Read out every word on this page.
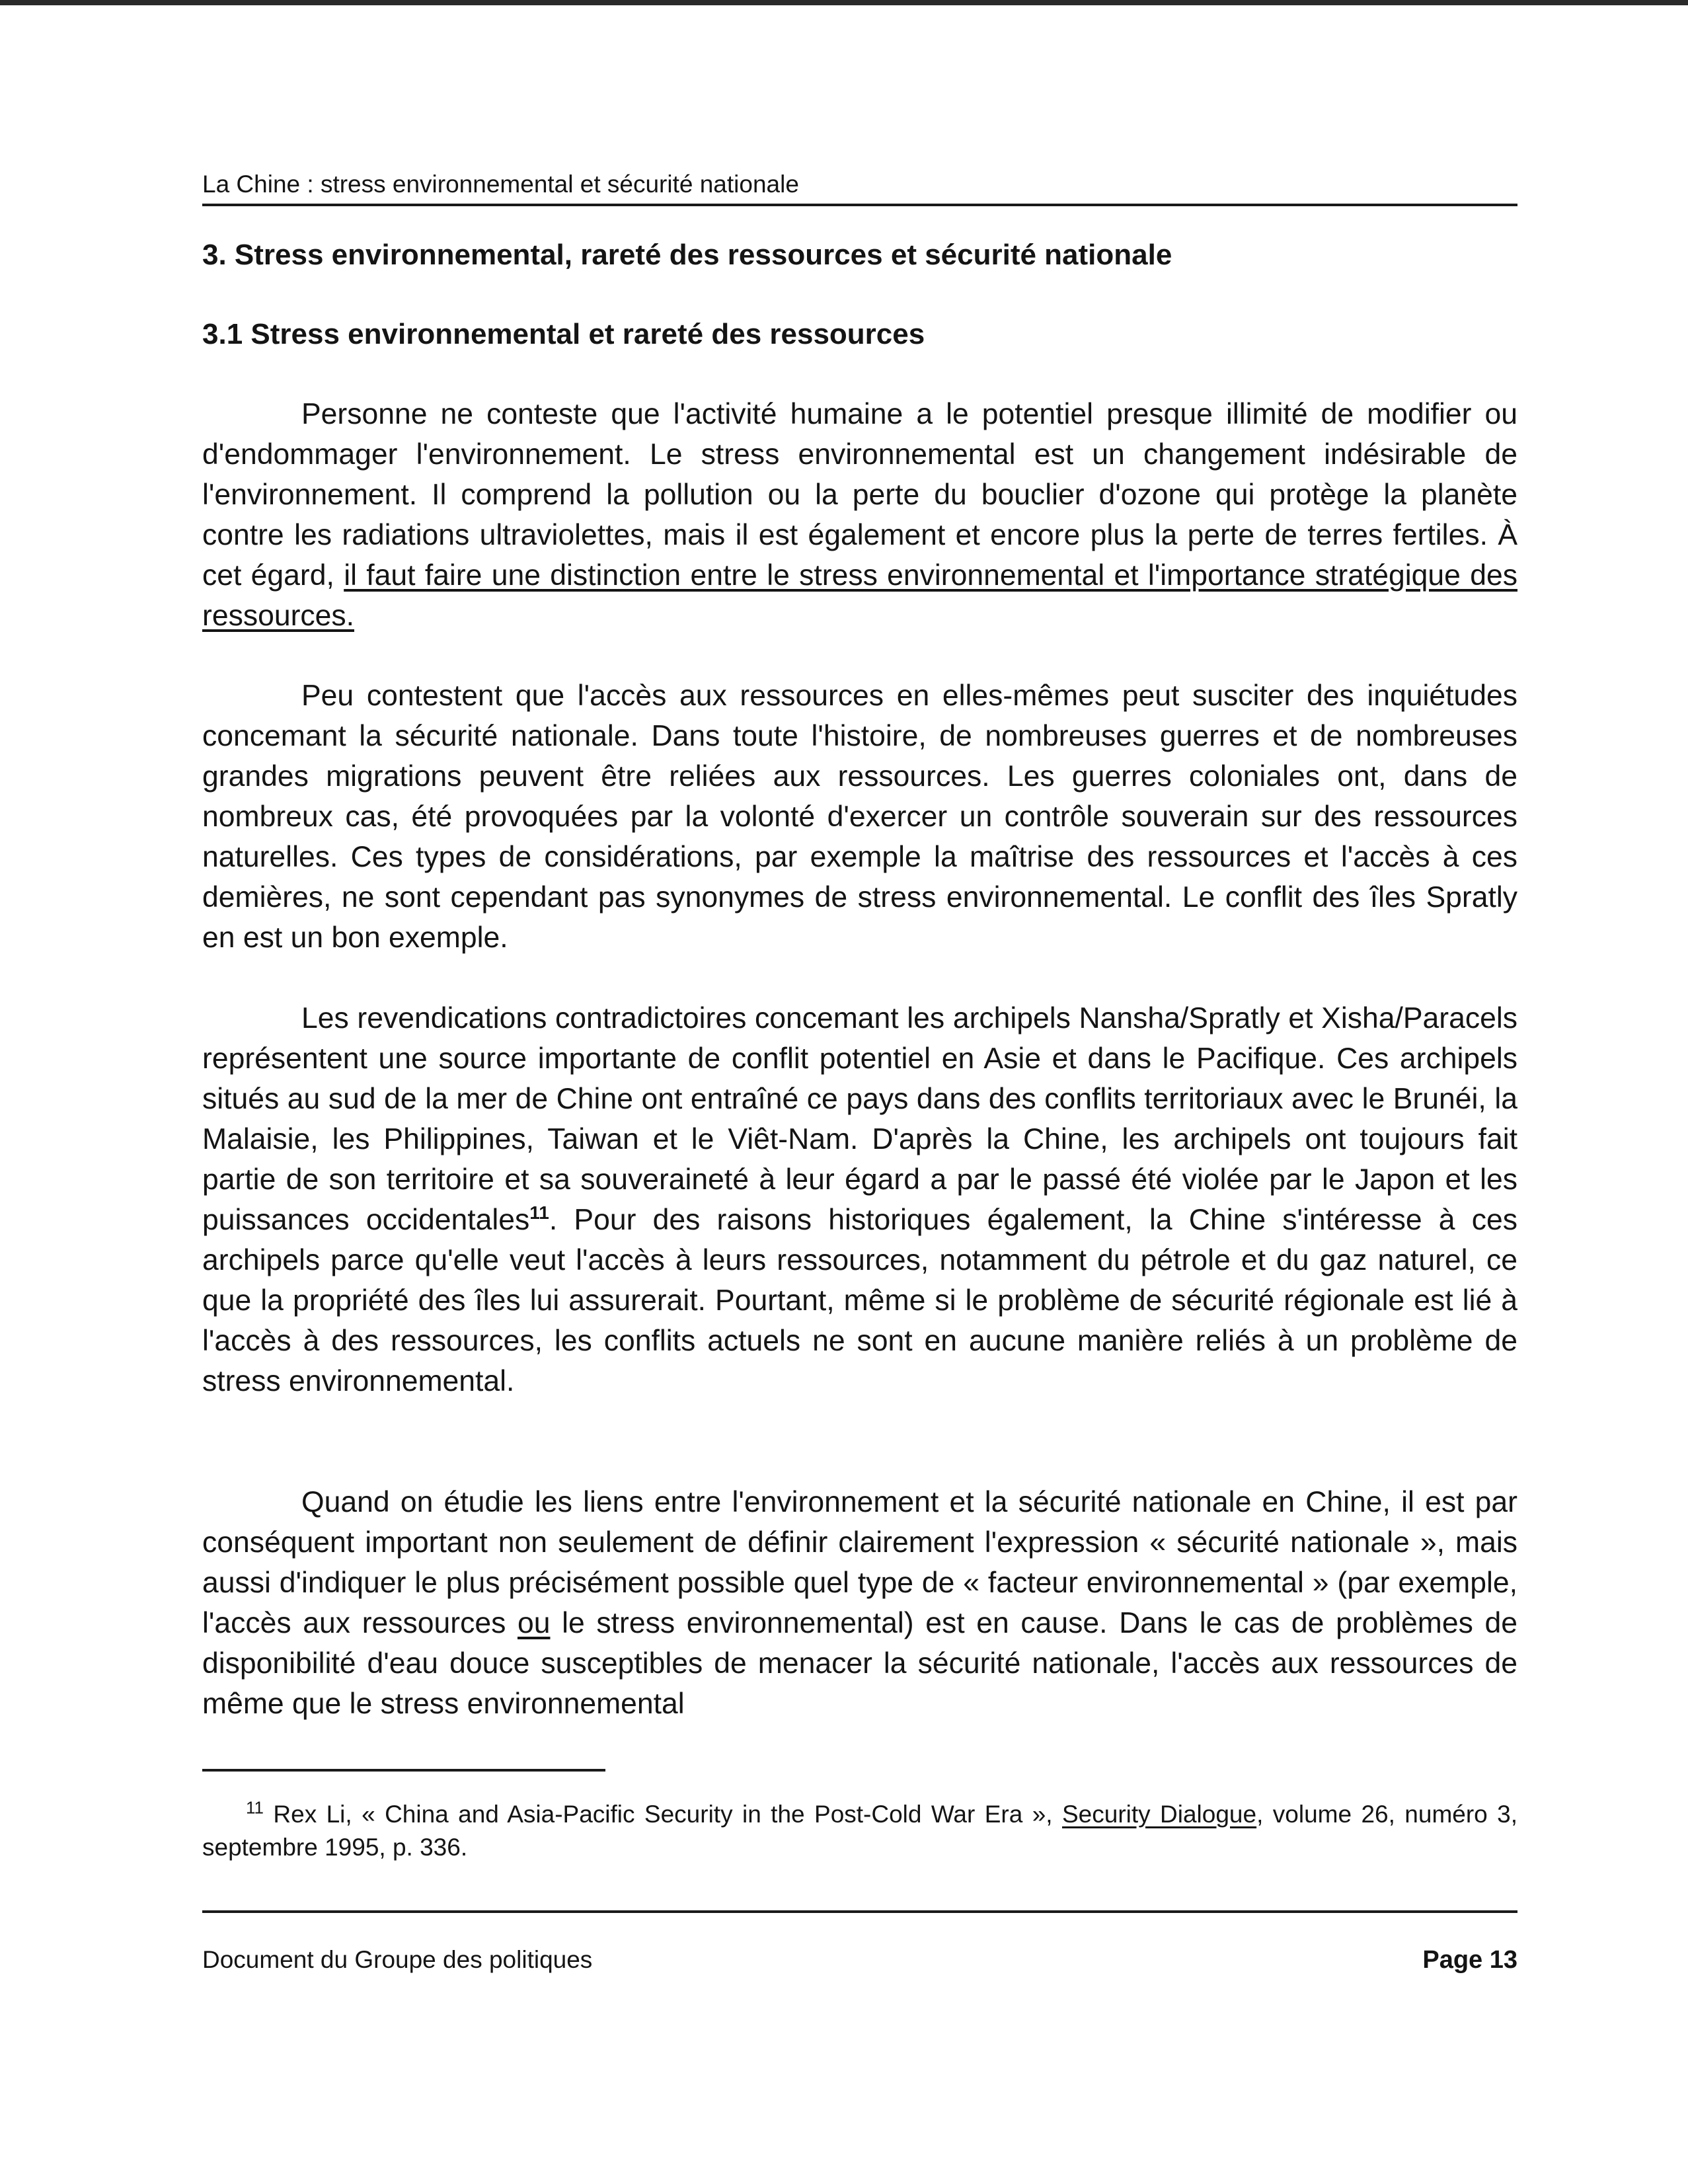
La Chine : stress environnemental et sécurité nationale
3. Stress environnemental, rareté des ressources et sécurité nationale
3.1 Stress environnemental et rareté des ressources

Personne ne conteste que l'activité humaine a le potentiel presque illimité de modifier ou d'endommager l'environnement. Le stress environnemental est un changement indésirable de l'environnement. Il comprend la pollution ou la perte du bouclier d'ozone qui protège la planète contre les radiations ultraviolettes, mais il est également et encore plus la perte de terres fertiles. À cet égard, il faut faire une distinction entre le stress environnemental et l'importance stratégique des ressources.

Peu contestent que l'accès aux ressources en elles-mêmes peut susciter des inquiétudes concemant la sécurité nationale. Dans toute l'histoire, de nombreuses guerres et de nombreuses grandes migrations peuvent être reliées aux ressources. Les guerres coloniales ont, dans de nombreux cas, été provoquées par la volonté d'exercer un contrôle souverain sur des ressources naturelles. Ces types de considérations, par exemple la maîtrise des ressources et l'accès à ces demières, ne sont cependant pas synonymes de stress environnemental. Le conflit des îles Spratly en est un bon exemple.

Les revendications contradictoires concemant les archipels Nansha/Spratly et Xisha/Paracels représentent une source importante de conflit potentiel en Asie et dans le Pacifique. Ces archipels situés au sud de la mer de Chine ont entraîné ce pays dans des conflits territoriaux avec le Brunéi, la Malaisie, les Philippines, Taiwan et le Viêt-Nam. D'après la Chine, les archipels ont toujours fait partie de son territoire et sa souveraineté à leur égard a par le passé été violée par le Japon et les puissances occidentales$^{11}$. Pour des raisons historiques également, la Chine s'intéresse à ces archipels parce qu'elle veut l'accès à leurs ressources, notamment du pétrole et du gaz naturel, ce que la propriété des îles lui assurerait. Pourtant, même si le problème de sécurité régionale est lié à l'accès à des ressources, les conflits actuels ne sont en aucune manière reliés à un problème de stress environnemental.

Quand on étudie les liens entre l'environnement et la sécurité nationale en Chine, il est par conséquent important non seulement de définir clairement l'expression « sécurité nationale », mais aussi d'indiquer le plus précisément possible quel type de « facteur environnemental » (par exemple, l'accès aux ressources ou le stress environnemental) est en cause. Dans le cas de problèmes de disponibilité d'eau douce susceptibles de menacer la sécurité nationale, l'accès aux ressources de même que le stress environnemental

$^{11}$ Rex Li, « China and Asia-Pacific Security in the Post-Cold War Era », Security Dialogue, volume 26, numéro 3, septembre 1995, p. 336.

Document du Groupe des politiques	Page 13
